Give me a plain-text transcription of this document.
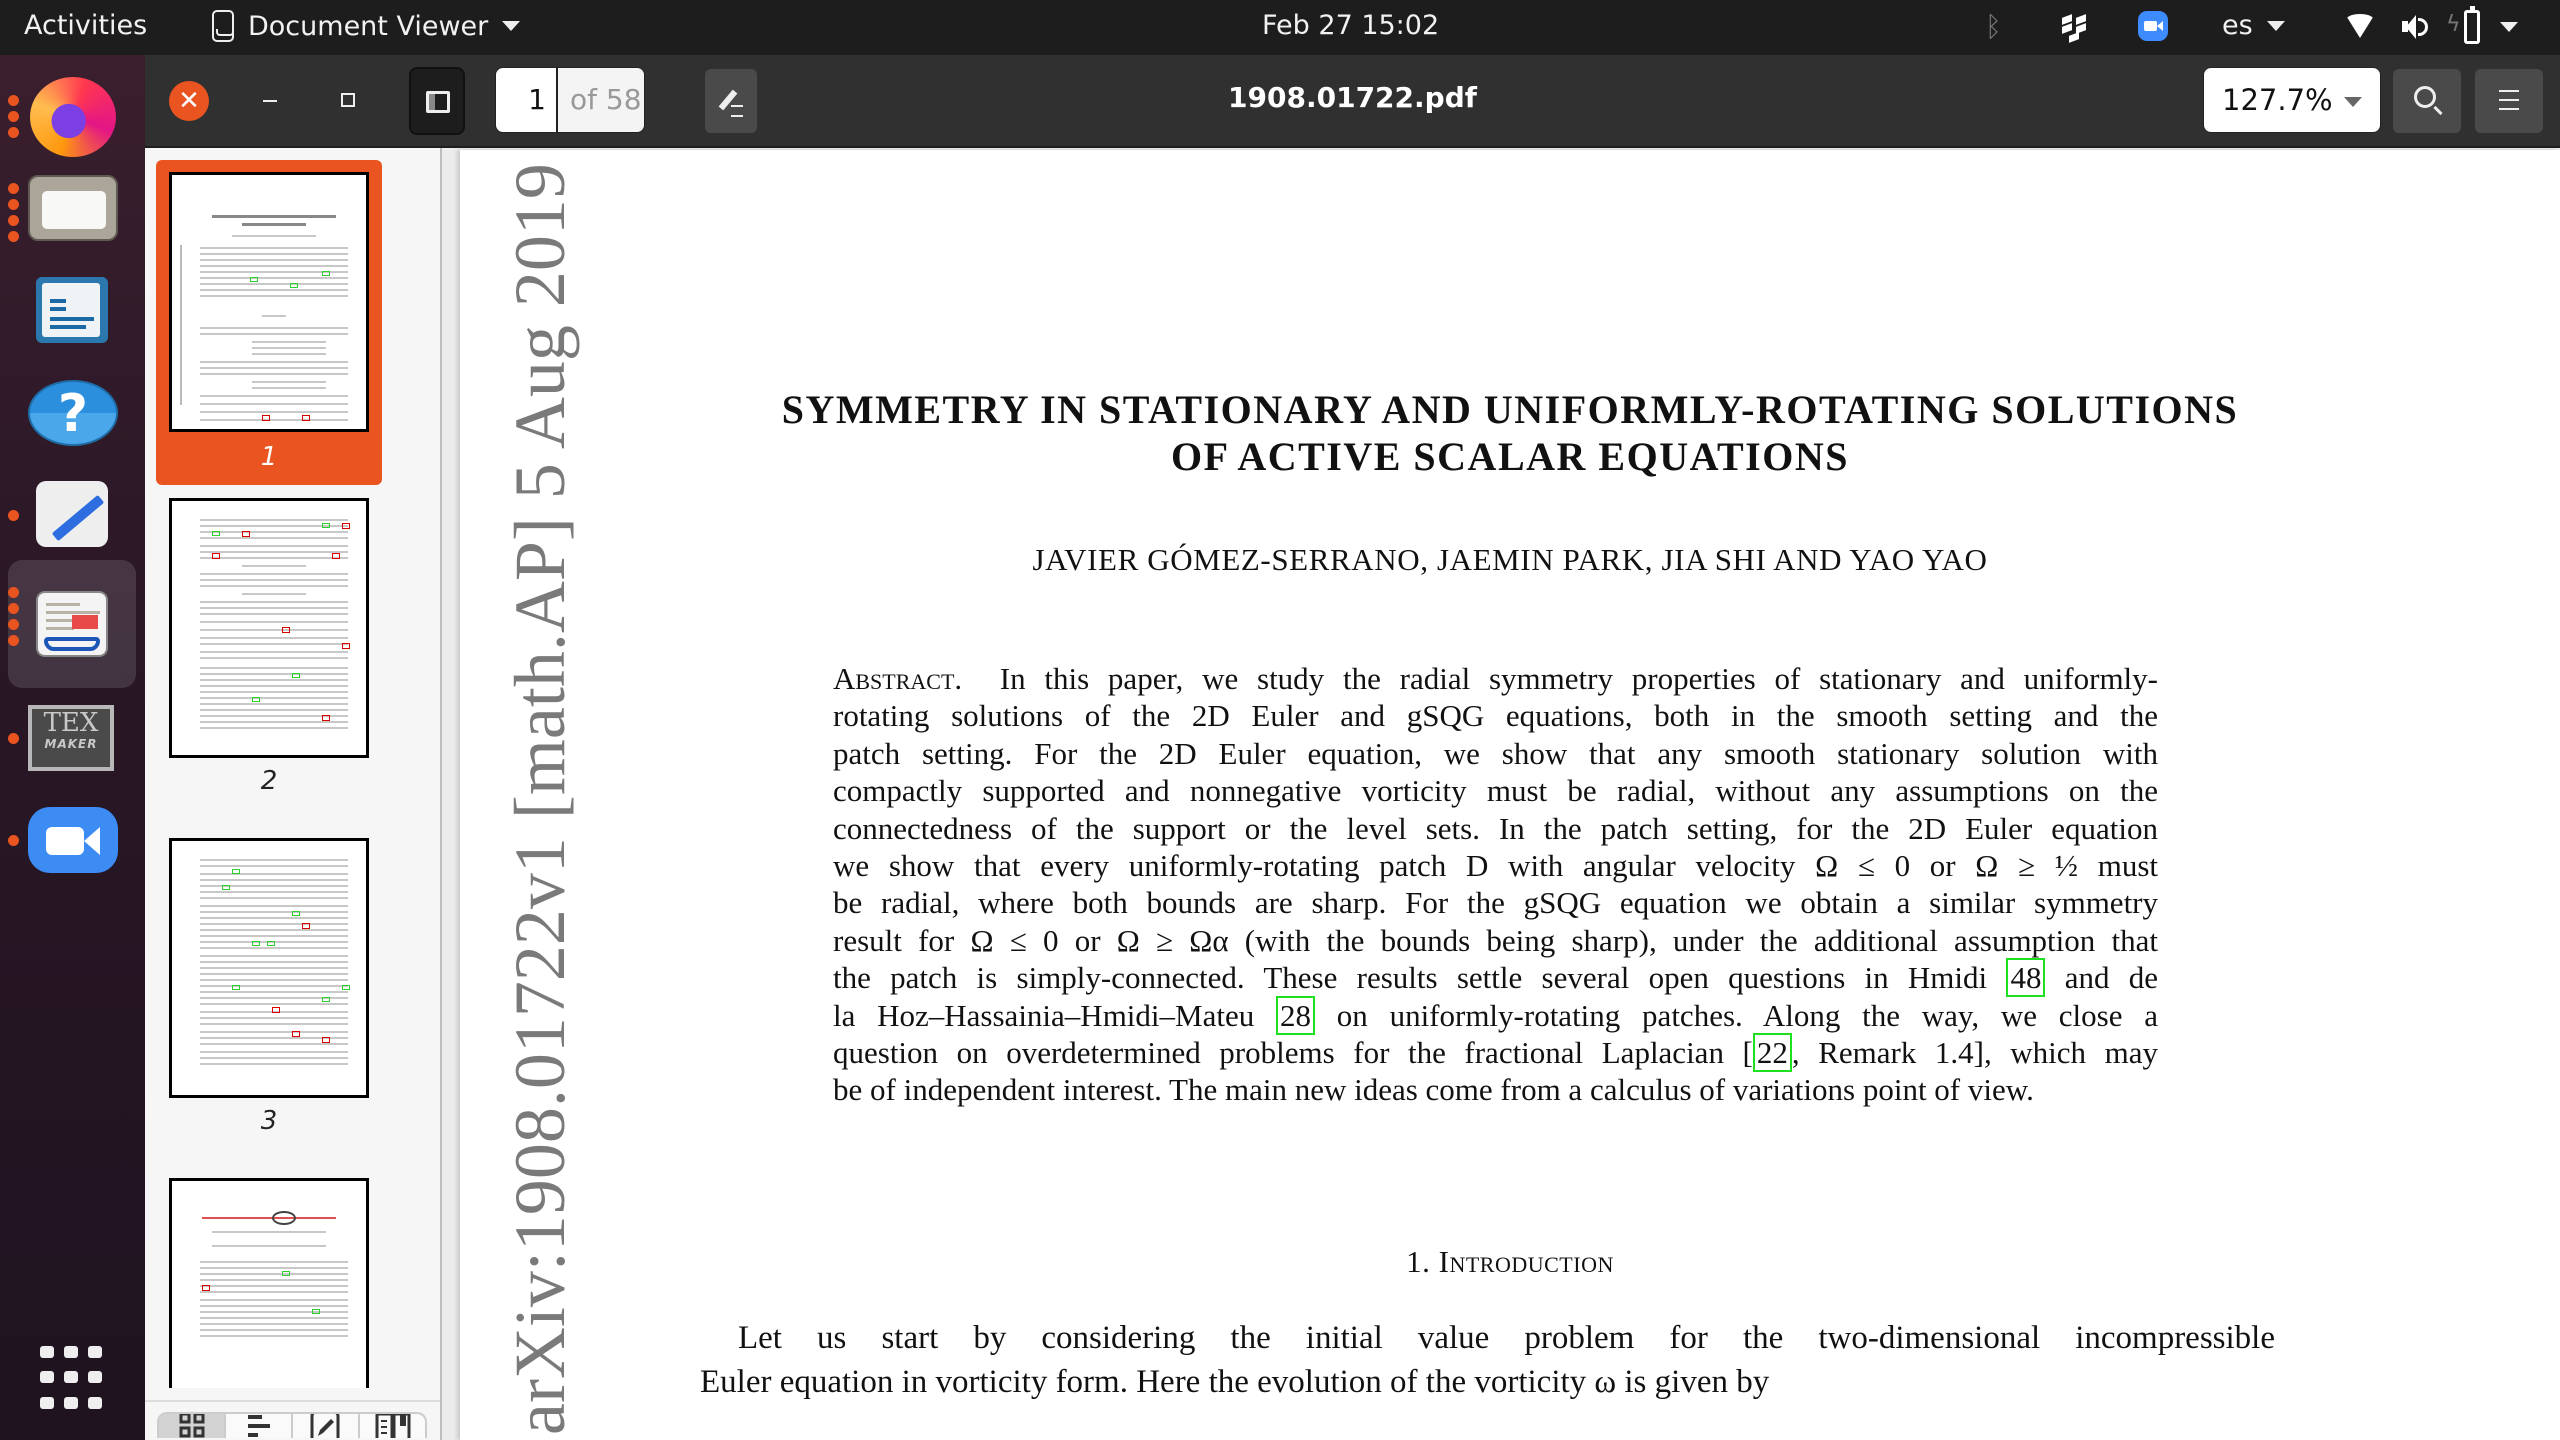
Activities	Document Viewer	Feb 27 15:02	ᛒ	es	ϟ
?
TEX
MAKER
✕	1 of 58	1908.01722.pdf	127.7%
1
2
3	arXiv:1908.01722v1 [math.AP] 5 Aug 2019	SYMMETRY IN STATIONARY AND UNIFORMLY-ROTATING SOLUTIONS
OF ACTIVE SCALAR EQUATIONS
JAVIER GÓMEZ-SERRANO, JAEMIN PARK, JIA SHI AND YAO YAO
Abstract. In this paper, we study the radial symmetry properties of stationary and uniformly-
rotating solutions of the 2D Euler and gSQG equations, both in the smooth setting and the
patch setting. For the 2D Euler equation, we show that any smooth stationary solution with
compactly supported and nonnegative vorticity must be radial, without any assumptions on the
connectedness of the support or the level sets. In the patch setting, for the 2D Euler equation
we show that every uniformly-rotating patch D with angular velocity Ω ≤ 0 or Ω ≥ ½ must
be radial, where both bounds are sharp. For the gSQG equation we obtain a similar symmetry
result for Ω ≤ 0 or Ω ≥ Ωα (with the bounds being sharp), under the additional assumption that
the patch is simply-connected. These results settle several open questions in Hmidi 48 and de
la Hoz–Hassainia–Hmidi–Mateu 28 on uniformly-rotating patches. Along the way, we close a
question on overdetermined problems for the fractional Laplacian [ 22 , Remark 1.4], which may
be of independent interest. The main new ideas come from a calculus of variations point of view.
1. Introduction
Let us start by considering the initial value problem for the two-dimensional incompressible
Euler equation in vorticity form. Here the evolution of the vorticity ω is given by
